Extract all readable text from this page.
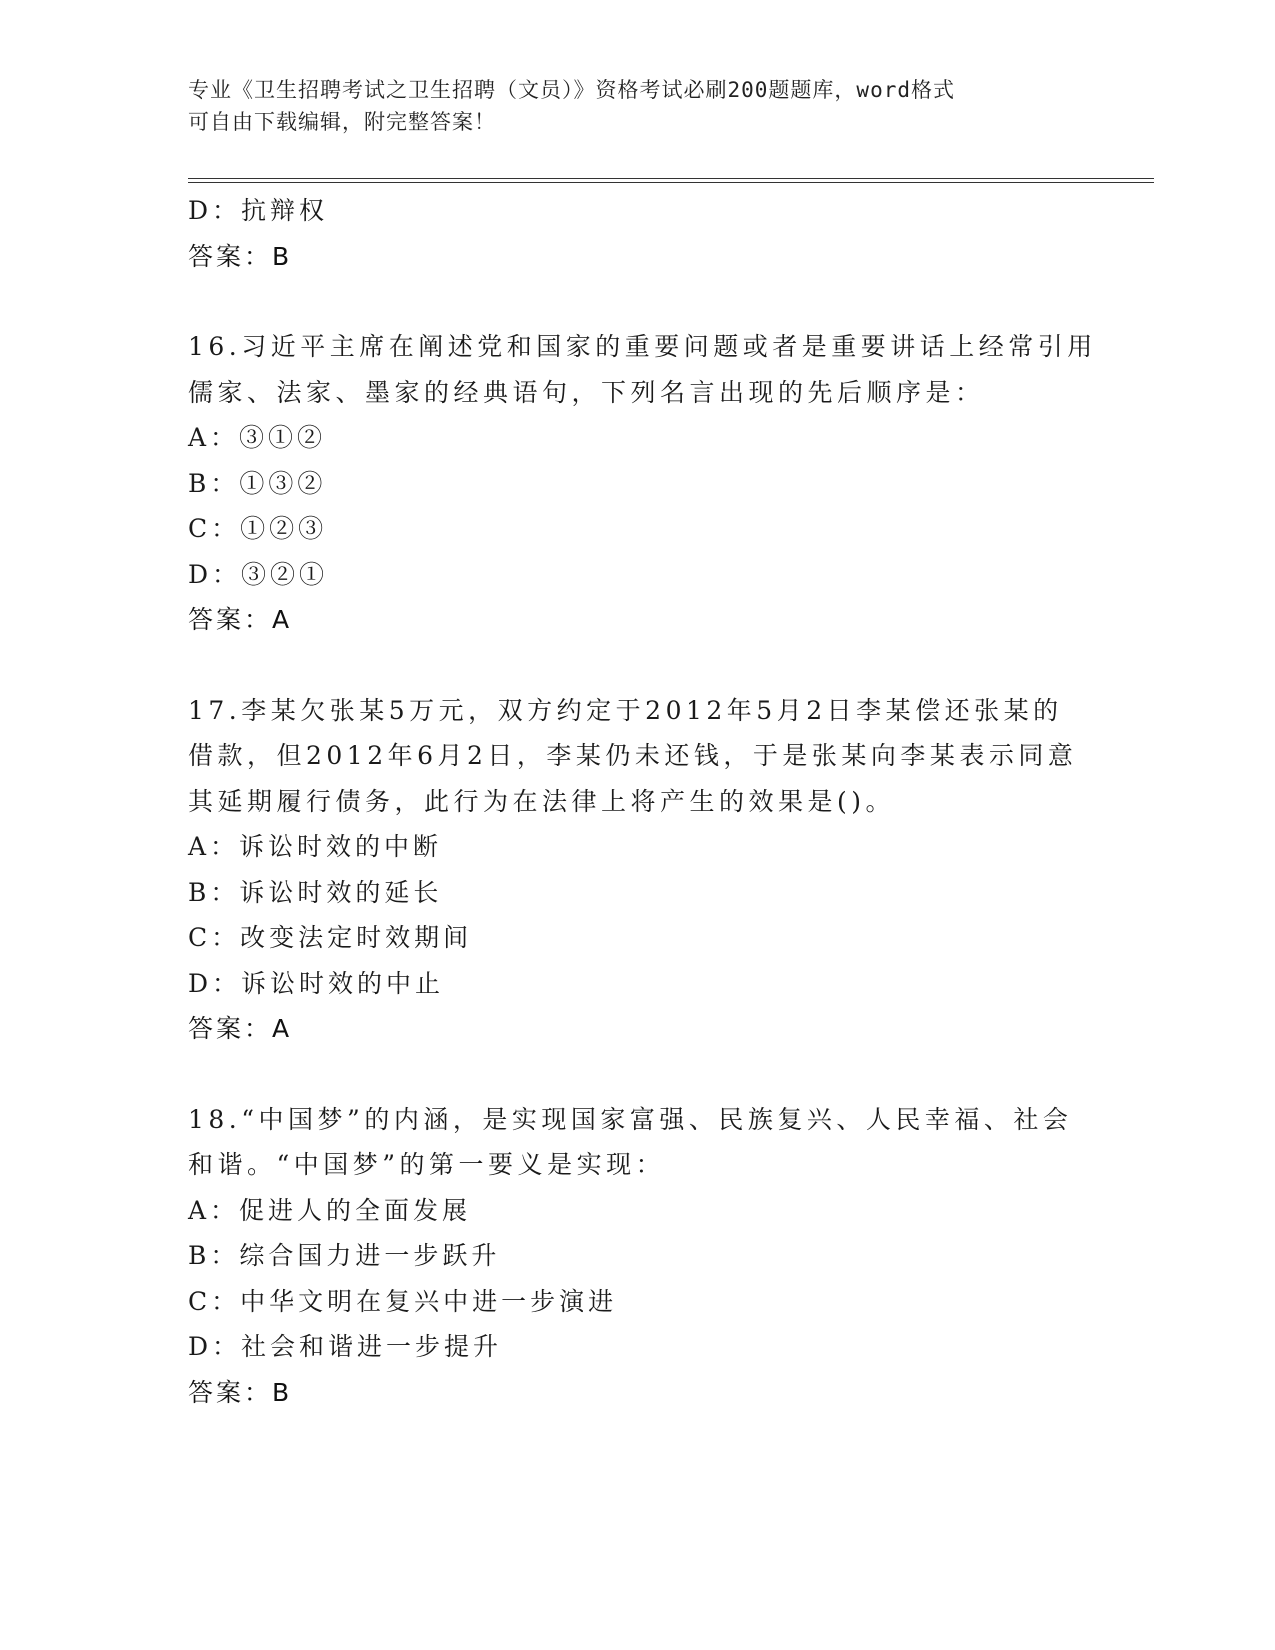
专业《卫生招聘考试之卫生招聘（文员）》资格考试必刷200题题库，word格式
可自由下载编辑，附完整答案！
D：抗辩权
答案：B
16.习近平主席在阐述党和国家的重要问题或者是重要讲话上经常引用
儒家、法家、墨家的经典语句，下列名言出现的先后顺序是：
A：③①②
B：①③②
C：①②③
D：③②①
答案：A
17.李某欠张某5万元，双方约定于2012年5月2日李某偿还张某的
借款，但2012年6月2日，李某仍未还钱，于是张某向李某表示同意
其延期履行债务，此行为在法律上将产生的效果是()。
A：诉讼时效的中断
B：诉讼时效的延长
C：改变法定时效期间
D：诉讼时效的中止
答案：A
18.“中国梦”的内涵，是实现国家富强、民族复兴、人民幸福、社会
和谐。“中国梦”的第一要义是实现：
A：促进人的全面发展
B：综合国力进一步跃升
C：中华文明在复兴中进一步演进
D：社会和谐进一步提升
答案：B
